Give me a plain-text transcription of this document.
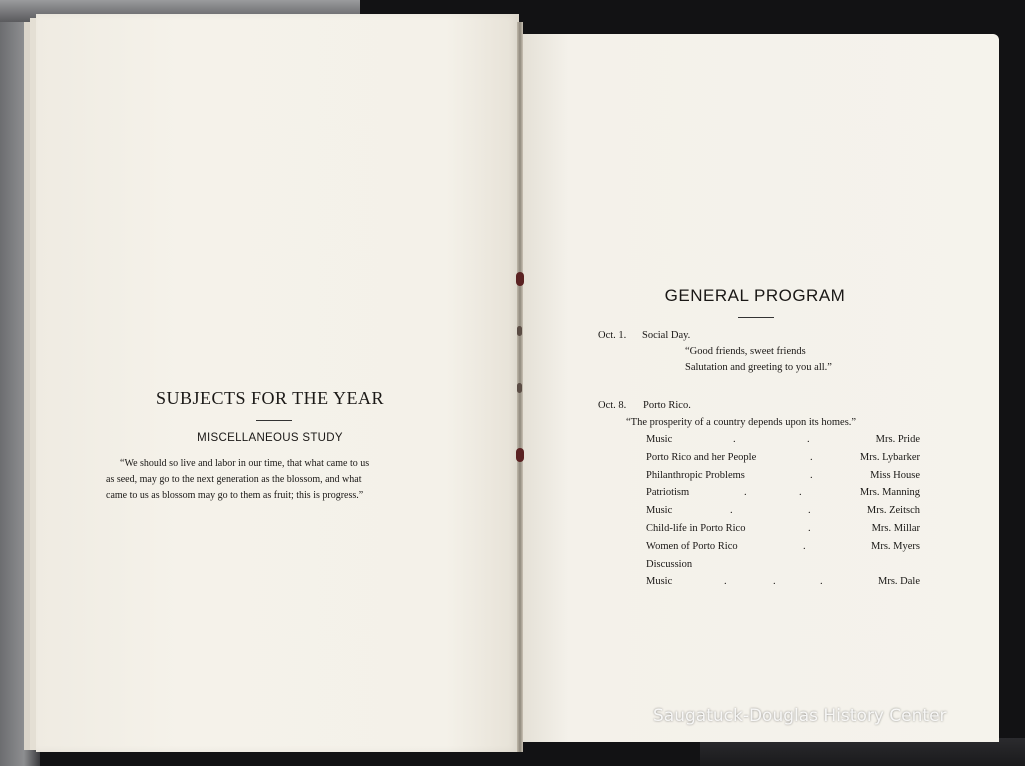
SUBJECTS FOR THE YEAR
MISCELLANEOUS STUDY
“We should so live and labor in our time, that what came to us
as seed, may go to the next generation as the blossom, and what
came to us as blossom may go to them as fruit; this is progress.”
GENERAL PROGRAM
Oct. 1. Social Day.
“Good friends, sweet friends
Salutation and greeting to you all.”
Oct. 8. Porto Rico.
“The prosperity of a country depends upon its homes.”
Music	.	.	Mrs. Pride
Porto Rico and her People	.	Mrs. Lybarker
Philanthropic Problems	.	Miss House
Patriotism	.	.	Mrs. Manning
Music	.	.	Mrs. Zeitsch
Child-life in Porto Rico	.	Mrs. Millar
Women of Porto Rico	.	Mrs. Myers
Discussion
Music	.	.	.	Mrs. Dale
Saugatuck-Douglas History Center
